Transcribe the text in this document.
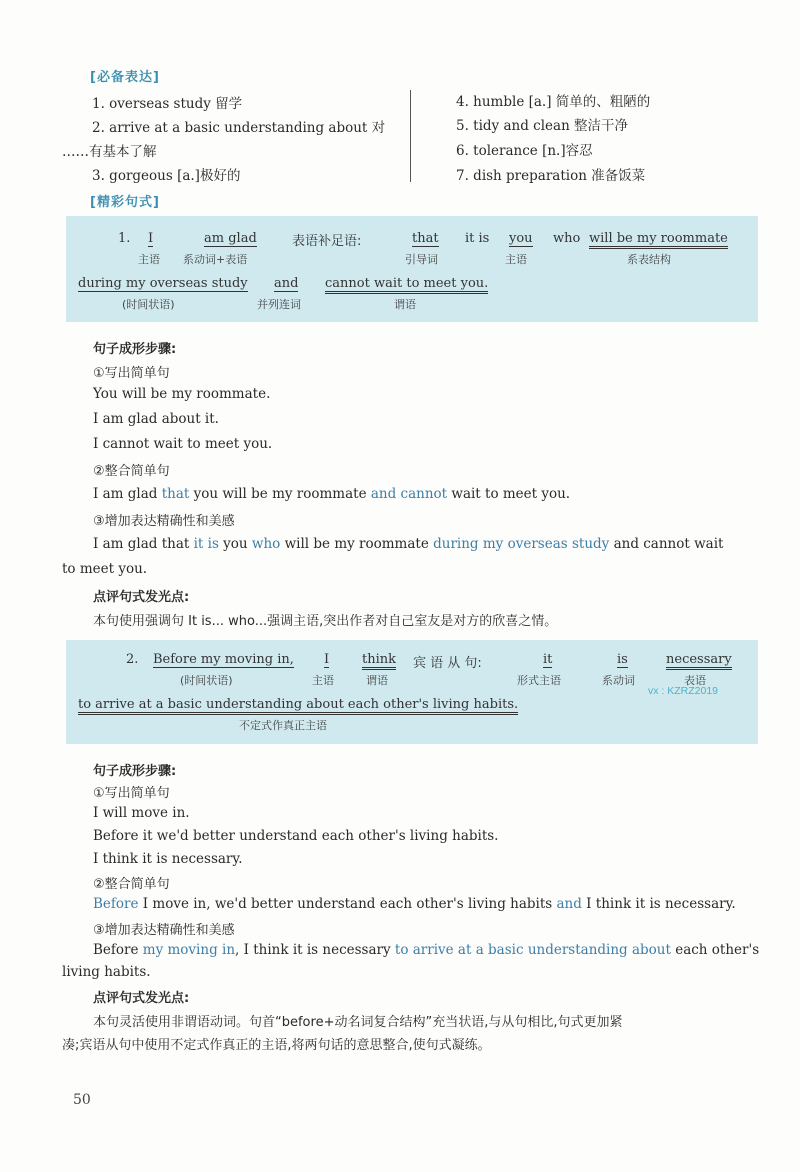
[必备表达]
1. overseas study 留学
2. arrive at a basic understanding about 对
……有基本了解
3. gorgeous [a.]极好的
4. humble [a.] 简单的、粗陋的
5. tidy and clean 整洁干净
6. tolerance [n.]容忍
7. dish preparation 准备饭菜
[精彩句式]
1. I
主语
am glad
系动词+表语
表语补足语:	that
引导词
it is you
主语
who will be my roommate
系表结构
during my overseas study
(时间状语)
and
并列连词
cannot wait to meet you.
谓语
句子成形步骤:
①写出简单句
You will be my roommate.
I am glad about it.
I cannot wait to meet you.
②整合简单句
I am glad that you will be my roommate and cannot wait to meet you.
③增加表达精确性和美感
I am glad that it is you who will be my roommate during my overseas study and cannot wait
to meet you.
点评句式发光点:
本句使用强调句 It is... who...强调主语,突出作者对自己室友是对方的欣喜之情。
2. Before my moving in,
(时间状语)
I
主语
think
谓语
宾 语 从 句:	it
形式主语
is
系动词
necessary
表语
vx : KZRZ2019
to arrive at a basic understanding about each other's living habits.
不定式作真正主语
句子成形步骤:
①写出简单句
I will move in.
Before it we'd better understand each other's living habits.
I think it is necessary.
②整合简单句
Before I move in, we'd better understand each other's living habits and I think it is necessary.
③增加表达精确性和美感
Before my moving in, I think it is necessary to arrive at a basic understanding about each other's
living habits.
点评句式发光点:
本句灵活使用非谓语动词。句首“before+动名词复合结构”充当状语,与从句相比,句式更加紧
凑;宾语从句中使用不定式作真正的主语,将两句话的意思整合,使句式凝练。
50
